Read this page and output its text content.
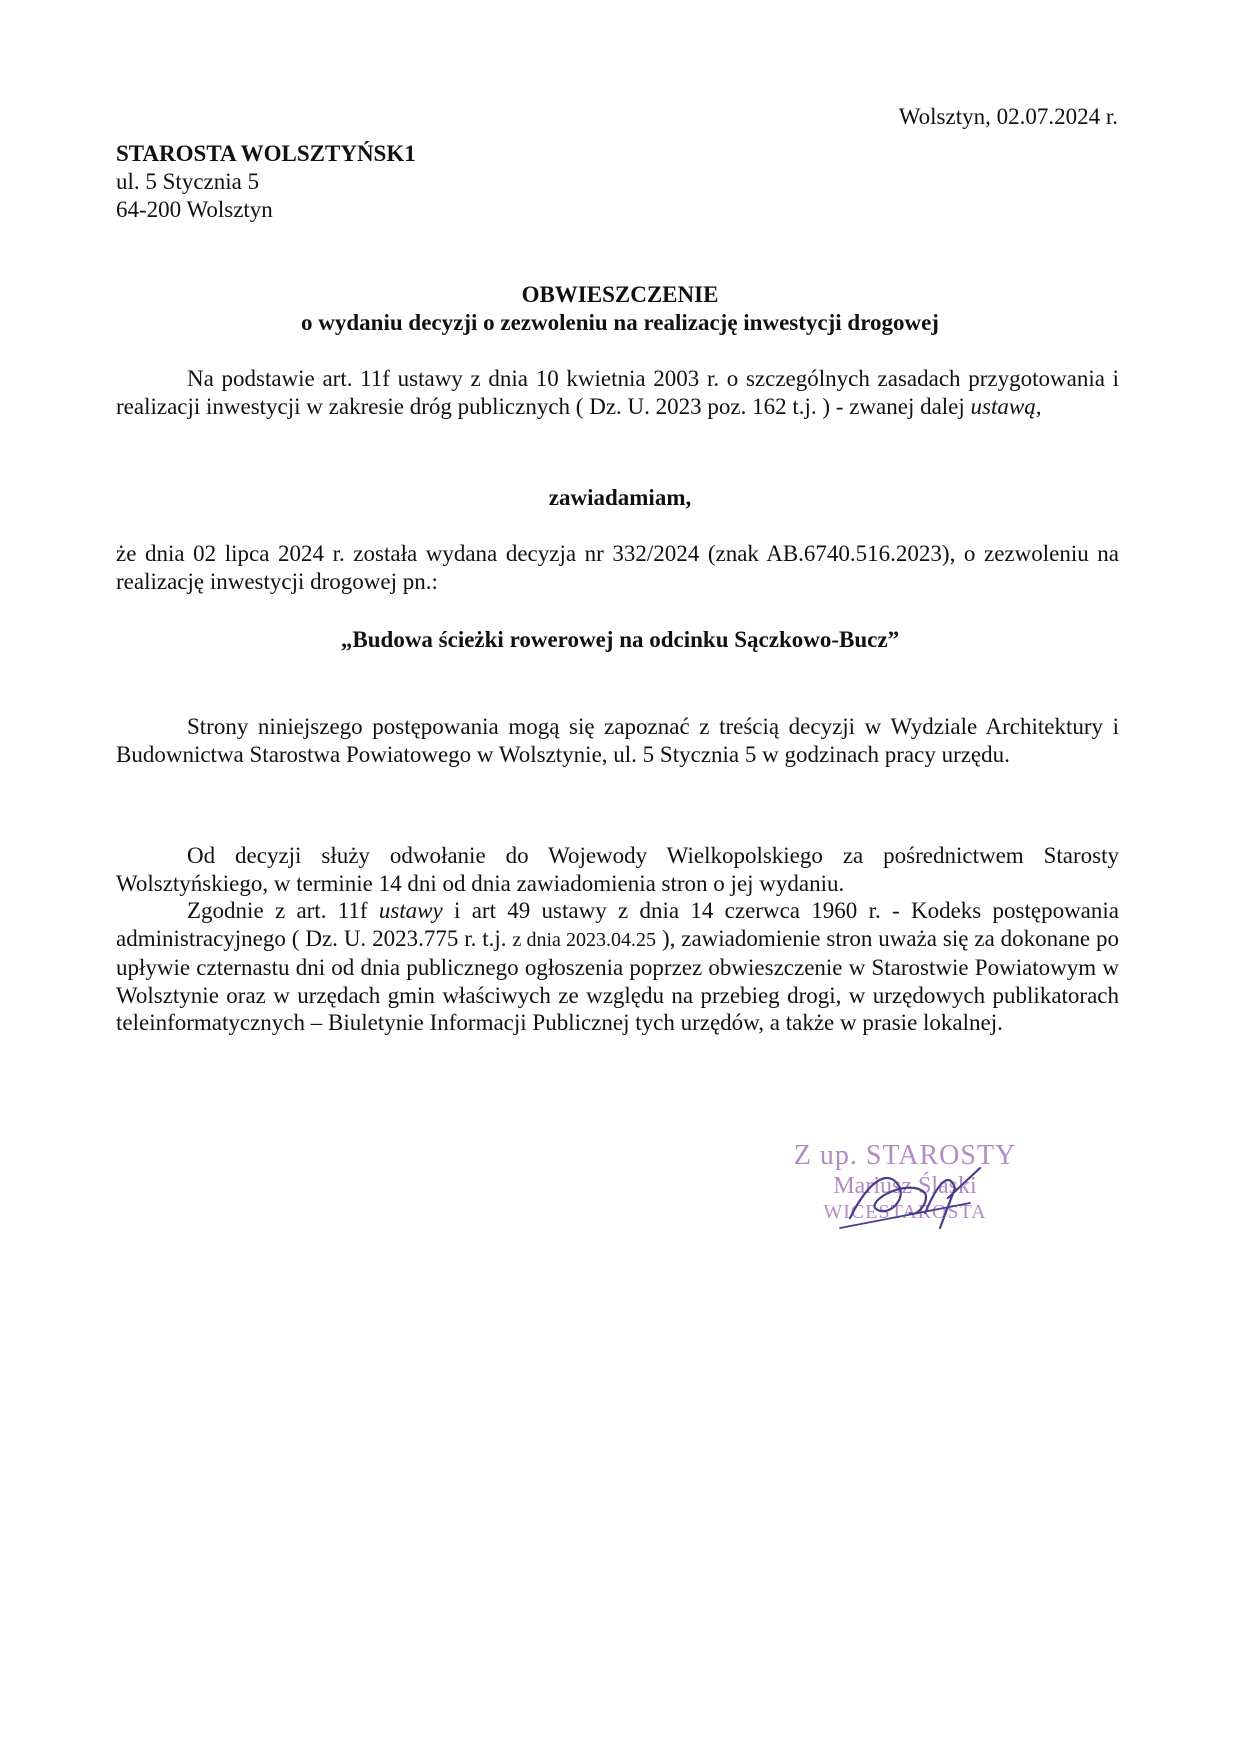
Wolsztyn, 02.07.2024 r.
STAROSTA WOLSZTYŃSK1
ul. 5 Stycznia 5
64-200 Wolsztyn
OBWIESZCZENIE
o wydaniu decyzji o zezwoleniu na realizację inwestycji drogowej

Na podstawie art. 11f ustawy z dnia 10 kwietnia 2003 r. o szczególnych zasadach przygotowania i realizacji inwestycji w zakresie dróg publicznych ( Dz. U. 2023 poz. 162 t.j. ) - zwanej dalej ustawą,

zawiadamiam,

że dnia 02 lipca 2024 r. została wydana decyzja nr 332/2024 (znak AB.6740.516.2023), o zezwoleniu na realizację inwestycji drogowej pn.:

„Budowa ścieżki rowerowej na odcinku Sączkowo-Bucz”

Strony niniejszego postępowania mogą się zapoznać z treścią decyzji w Wydziale Architektury i Budownictwa Starostwa Powiatowego w Wolsztynie, ul. 5 Stycznia 5 w godzinach pracy urzędu.

Od decyzji służy odwołanie do Wojewody Wielkopolskiego za pośrednictwem Starosty Wolsztyńskiego, w terminie 14 dni od dnia zawiadomienia stron o jej wydaniu.

Zgodnie z art. 11f ustawy i art 49 ustawy z dnia 14 czerwca 1960 r. - Kodeks postępowania administracyjnego ( Dz. U. 2023.775 r. t.j. z dnia 2023.04.25 ), zawiadomienie stron uważa się za dokonane po upływie czternastu dni od dnia publicznego ogłoszenia poprzez obwieszczenie w Starostwie Powiatowym w Wolsztynie oraz w urzędach gmin właściwych ze względu na przebieg drogi, w urzędowych publikatorach teleinformatycznych – Biuletynie Informacji Publicznej tych urzędów, a także w prasie lokalnej.

Z up. STAROSTY
Mariusz Ślaski
WICESTAROSTA
